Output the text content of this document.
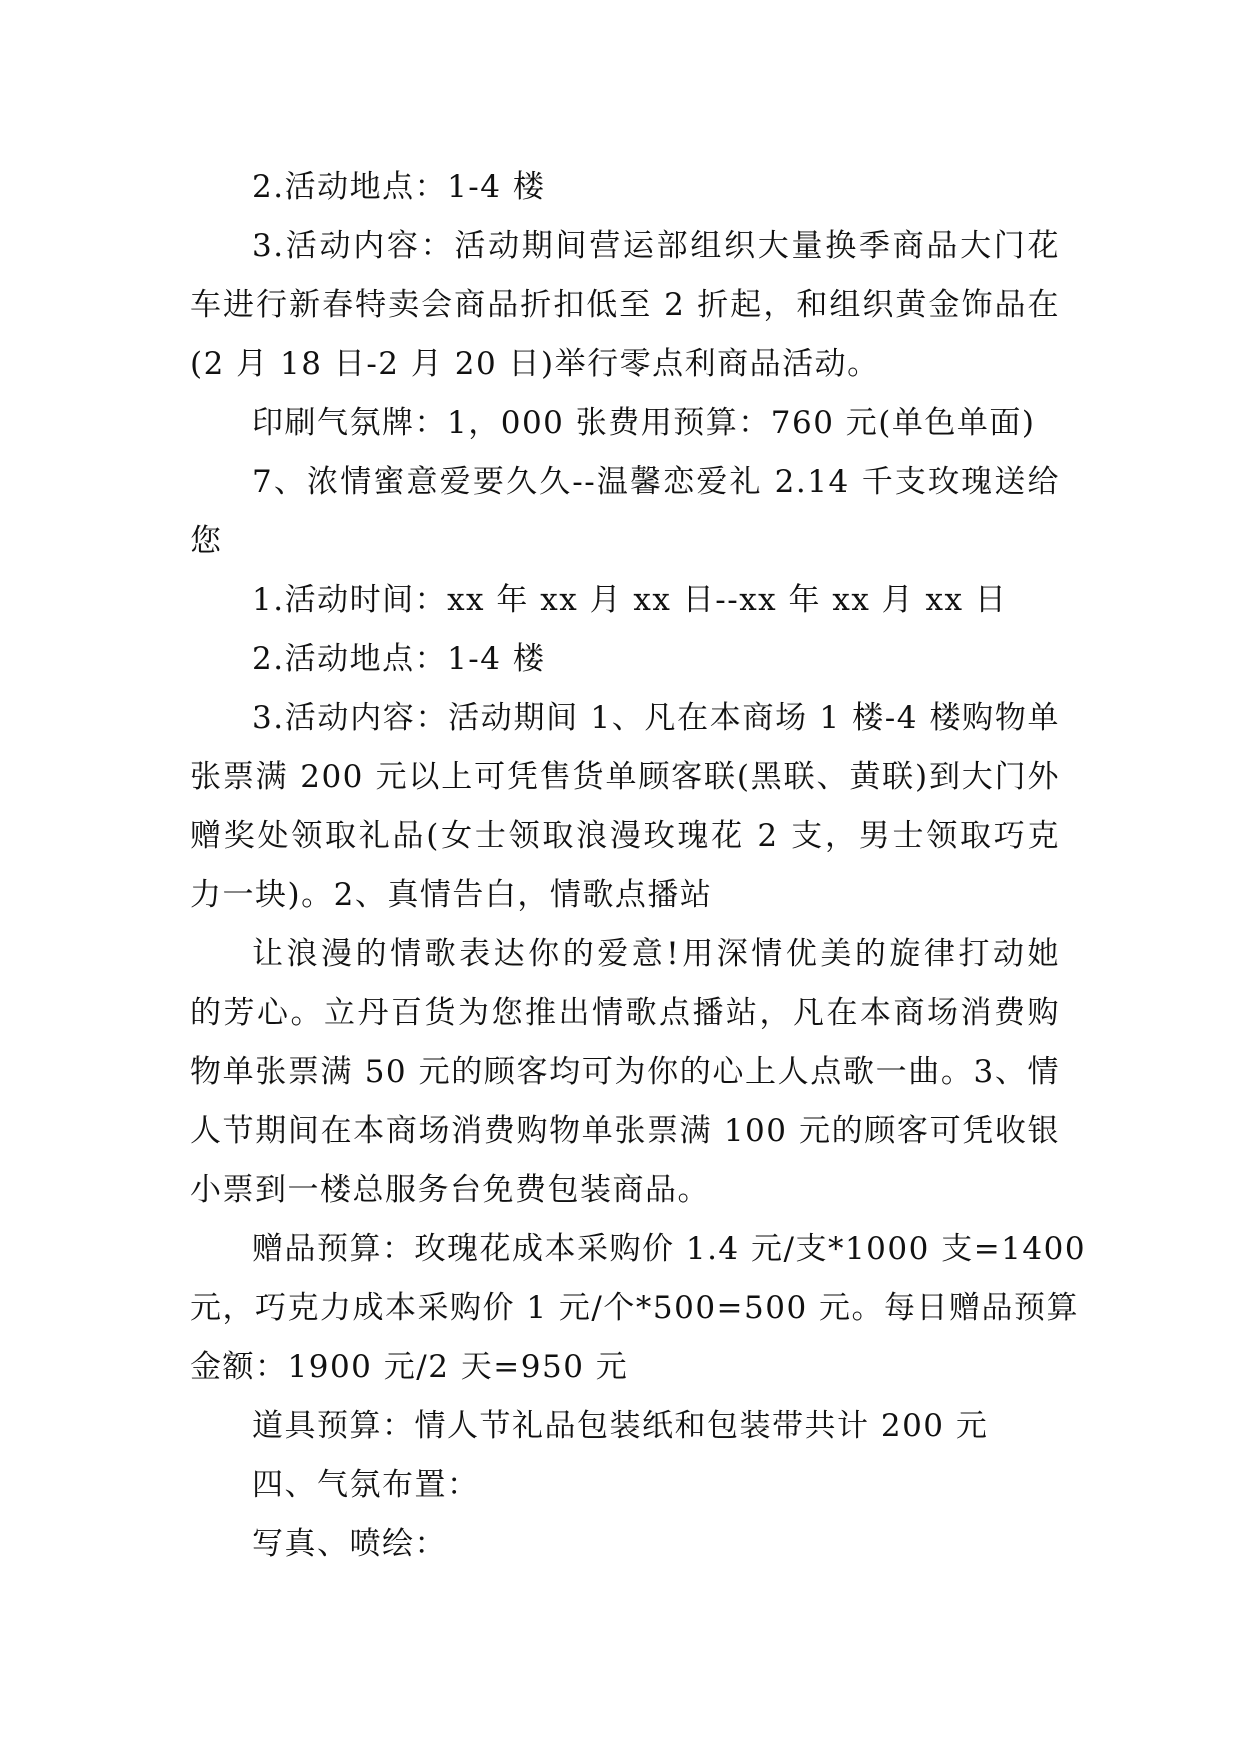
2.活动地点：1-4 楼
3.活动内容：活动期间营运部组织大量换季商品大门花
车进行新春特卖会商品折扣低至 2 折起，和组织黄金饰品在
(2 月 18 日-2 月 20 日)举行零点利商品活动。
印刷气氛牌：1，000 张费用预算：760 元(单色单面)
7、浓情蜜意爱要久久--温馨恋爱礼 2.14 千支玫瑰送给
您
1.活动时间：xx 年 xx 月 xx 日--xx 年 xx 月 xx 日
2.活动地点：1-4 楼
3.活动内容：活动期间 1、凡在本商场 1 楼-4 楼购物单
张票满 200 元以上可凭售货单顾客联(黑联、黄联)到大门外
赠奖处领取礼品(女士领取浪漫玫瑰花 2 支，男士领取巧克
力一块)。2、真情告白，情歌点播站
让浪漫的情歌表达你的爱意!用深情优美的旋律打动她
的芳心。立丹百货为您推出情歌点播站，凡在本商场消费购
物单张票满 50 元的顾客均可为你的心上人点歌一曲。3、情
人节期间在本商场消费购物单张票满 100 元的顾客可凭收银
小票到一楼总服务台免费包装商品。
赠品预算：玫瑰花成本采购价 1.4 元/支*1000 支=1400
元，巧克力成本采购价 1 元/个*500=500 元。每日赠品预算
金额：1900 元/2 天=950 元
道具预算：情人节礼品包装纸和包装带共计 200 元
四、气氛布置：
写真、喷绘：
